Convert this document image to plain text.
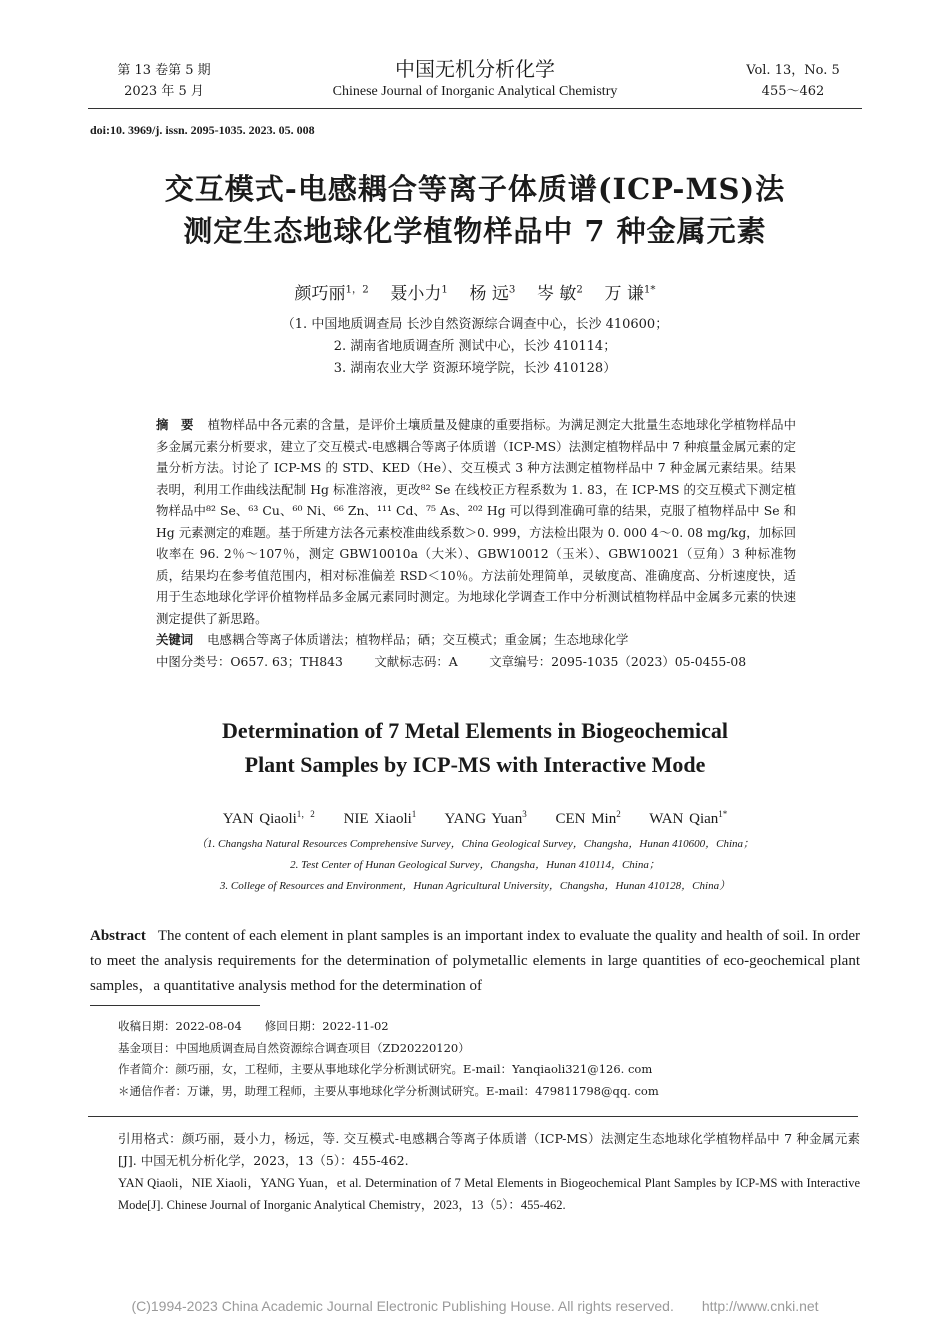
第 13 卷第 5 期
2023 年 5 月
中国无机分析化学
Chinese Journal of Inorganic Analytical Chemistry
Vol. 13，No. 5
455～462
doi:10. 3969/j. issn. 2095-1035. 2023. 05. 008
交互模式-电感耦合等离子体质谱(ICP-MS)法
测定生态地球化学植物样品中 7 种金属元素
颜巧丽$^{1,2}$ 聂小力$^1$ 杨 远$^3$ 岑 敏$^2$ 万 谦$^{1*}$
（1. 中国地质调查局 长沙自然资源综合调查中心，长沙 410600；
2. 湖南省地质调查所 测试中心，长沙 410114；
3. 湖南农业大学 资源环境学院，长沙 410128）

摘　要 植物样品中各元素的含量，是评价土壤质量及健康的重要指标。为满足测定大批量生态地球化学植物样品中多金属元素分析要求，建立了交互模式-电感耦合等离子体质谱（ICP-MS）法测定植物样品中 7 种痕量金属元素的定量分析方法。讨论了 ICP-MS 的 STD、KED（He）、交互模式 3 种方法测定植物样品中 7 种金属元素结果。结果表明，利用工作曲线法配制 Hg 标准溶液，更改⁸² Se 在线校正方程系数为 1. 83，在 ICP-MS 的交互模式下测定植物样品中⁸² Se、⁶³ Cu、⁶⁰ Ni、⁶⁶ Zn、¹¹¹ Cd、⁷⁵ As、²⁰² Hg 可以得到准确可靠的结果，克服了植物样品中 Se 和 Hg 元素测定的难题。基于所建方法各元素校准曲线系数＞0. 999，方法检出限为 0. 000 4～0. 08 mg/kg，加标回收率在 96. 2％～107％，测定 GBW10010a（大米）、GBW10012（玉米）、GBW10021（豆角）3 种标准物质，结果均在参考值范围内，相对标准偏差 RSD＜10％。方法前处理简单，灵敏度高、准确度高、分析速度快，适用于生态地球化学评价植物样品多金属元素同时测定。为地球化学调查工作中分析测试植物样品中金属多元素的快速测定提供了新思路。

关键词 电感耦合等离子体质谱法；植物样品；硒；交互模式；重金属；生态地球化学

中图分类号：O657. 63；TH843	文献标志码：A	文章编号：2095-1035（2023）05-0455-08

Determination of 7 Metal Elements in Biogeochemical
Plant Samples by ICP-MS with Interactive Mode
YAN Qiaoli$^{1,2}$ NIE Xiaoli$^1$ YANG Yuan$^3$ CEN Min$^2$ WAN Qian$^{1*}$
（1. Changsha Natural Resources Comprehensive Survey，China Geological Survey，Changsha，Hunan 410600，China；
2. Test Center of Hunan Geological Survey，Changsha，Hunan 410114，China；
3. College of Resources and Environment，Hunan Agricultural University，Changsha，Hunan 410128，China）
Abstract The content of each element in plant samples is an important index to evaluate the quality and health of soil. In order to meet the analysis requirements for the determination of polymetallic elements in large quantities of eco-geochemical plant samples，a quantitative analysis method for the determination of
收稿日期：2022-08-04　　修回日期：2022-11-02
基金项目：中国地质调查局自然资源综合调查项目（ZD20220120）
作者简介：颜巧丽，女，工程师，主要从事地球化学分析测试研究。E-mail：Yanqiaoli321@126. com
＊通信作者：万谦，男，助理工程师，主要从事地球化学分析测试研究。E-mail：479811798@qq. com
引用格式：颜巧丽，聂小力，杨远，等. 交互模式-电感耦合等离子体质谱（ICP-MS）法测定生态地球化学植物样品中 7 种金属元素[J]. 中国无机分析化学，2023，13（5）：455-462.
YAN Qiaoli，NIE Xiaoli，YANG Yuan，et al. Determination of 7 Metal Elements in Biogeochemical Plant Samples by ICP-MS with Interactive Mode[J]. Chinese Journal of Inorganic Analytical Chemistry，2023，13（5）：455-462.
(C)1994-2023 China Academic Journal Electronic Publishing House. All rights reserved.　　http://www.cnki.net
